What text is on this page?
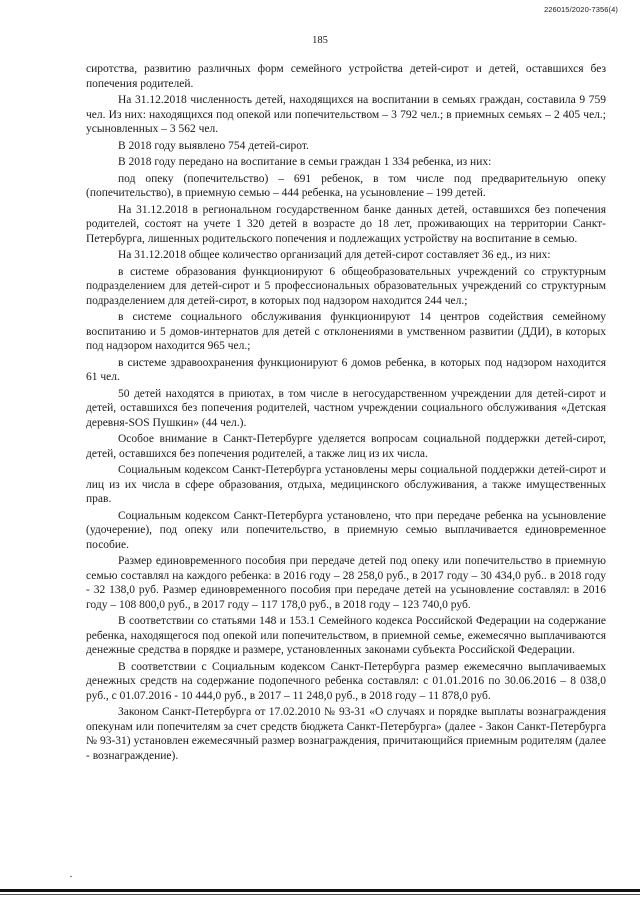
226015/2020-7356(4)
185

сиротства, развитию различных форм семейного устройства детей-сирот и детей, оставшихся без попечения родителей.

На 31.12.2018 численность детей, находящихся на воспитании в семьях граждан, составила 9 759 чел. Из них: находящихся под опекой или попечительством – 3 792 чел.; в приемных семьях – 2 405 чел.; усыновленных – 3 562 чел.

В 2018 году выявлено 754 детей-сирот.

В 2018 году передано на воспитание в семьи граждан 1 334 ребенка, из них:

под опеку (попечительство) – 691 ребенок, в том числе под предварительную опеку (попечительство), в приемную семью – 444 ребенка, на усыновление – 199 детей.

На 31.12.2018 в региональном государственном банке данных детей, оставшихся без попечения родителей, состоят на учете 1 320 детей в возрасте до 18 лет, проживающих на территории Санкт-Петербурга, лишенных родительского попечения и подлежащих устройству на воспитание в семью.

На 31.12.2018 общее количество организаций для детей-сирот составляет 36 ед., из них:

в системе образования функционируют 6 общеобразовательных учреждений со структурным подразделением для детей-сирот и 5 профессиональных образовательных учреждений со структурным подразделением для детей-сирот, в которых под надзором находится 244 чел.;

в системе социального обслуживания функционируют 14 центров содействия семейному воспитанию и 5 домов-интернатов для детей с отклонениями в умственном развитии (ДДИ), в которых под надзором находится 965 чел.;

в системе здравоохранения функционируют 6 домов ребенка, в которых под надзором находится 61 чел.

50 детей находятся в приютах, в том числе в негосударственном учреждении для детей-сирот и детей, оставшихся без попечения родителей, частном учреждении социального обслуживания «Детская деревня-SOS Пушкин» (44 чел.).

Особое внимание в Санкт-Петербурге уделяется вопросам социальной поддержки детей-сирот, детей, оставшихся без попечения родителей, а также лиц из их числа.

Социальным кодексом Санкт-Петербурга установлены меры социальной поддержки детей-сирот и лиц из их числа в сфере образования, отдыха, медицинского обслуживания, а также имущественных прав.

Социальным кодексом Санкт-Петербурга установлено, что при передаче ребенка на усыновление (удочерение), под опеку или попечительство, в приемную семью выплачивается единовременное пособие.

Размер единовременного пособия при передаче детей под опеку или попечительство в приемную семью составлял на каждого ребенка: в 2016 году – 28 258,0 руб., в 2017 году – 30 434,0 руб.. в 2018 году - 32 138,0 руб. Размер единовременного пособия при передаче детей на усыновление составлял: в 2016 году – 108 800,0 руб., в 2017 году – 117 178,0 руб., в 2018 году – 123 740,0 руб.

В соответствии со статьями 148 и 153.1 Семейного кодекса Российской Федерации на содержание ребенка, находящегося под опекой или попечительством, в приемной семье, ежемесячно выплачиваются денежные средства в порядке и размере, установленных законами субъекта Российской Федерации.

В соответствии с Социальным кодексом Санкт-Петербурга размер ежемесячно выплачиваемых денежных средств на содержание подопечного ребенка составлял: с 01.01.2016 по 30.06.2016 – 8 038,0 руб., с 01.07.2016 - 10 444,0 руб., в 2017 – 11 248,0 руб., в 2018 году – 11 878,0 руб.

Законом Санкт-Петербурга от 17.02.2010 № 93-31 «О случаях и порядке выплаты вознаграждения опекунам или попечителям за счет средств бюджета Санкт-Петербурга» (далее - Закон Санкт-Петербурга № 93-31) установлен ежемесячный размер вознаграждения, причитающийся приемным родителям (далее - вознаграждение).
